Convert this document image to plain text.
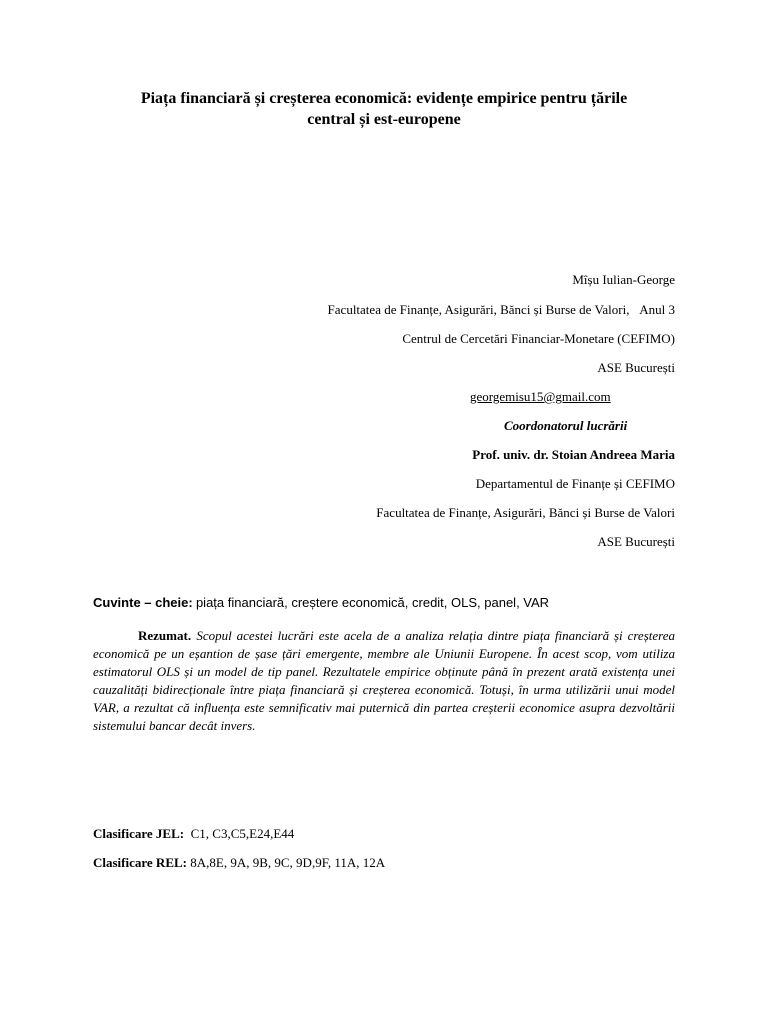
Piața financiară și creșterea economică: evidențe empirice pentru țările
central și est-europene
Mîșu Iulian-George
Facultatea de Finanțe, Asigurări, Bănci și Burse de Valori, Anul 3
Centrul de Cercetări Financiar-Monetare (CEFIMO)
ASE București
georgemisu15@gmail.com
Coordonatorul lucrării
Prof. univ. dr. Stoian Andreea Maria
Departamentul de Finanțe și CEFIMO
Facultatea de Finanțe, Asigurări, Bănci și Burse de Valori
ASE București
Cuvinte – cheie: piața financiară, creștere economică, credit, OLS, panel, VAR
Rezumat. Scopul acestei lucrări este acela de a analiza relația dintre piața financiară și creșterea economică pe un eșantion de șase țări emergente, membre ale Uniunii Europene. În acest scop, vom utiliza estimatorul OLS și un model de tip panel. Rezultatele empirice obținute până în prezent arată existența unei cauzalități bidirecționale între piața financiară și creșterea economică. Totuși, în urma utilizării unui model VAR, a rezultat că influența este semnificativ mai puternică din partea creșterii economice asupra dezvoltării sistemului bancar decât invers.
Clasificare JEL: C1, C3,C5,E24,E44
Clasificare REL: 8A,8E, 9A, 9B, 9C, 9D,9F, 11A, 12A
